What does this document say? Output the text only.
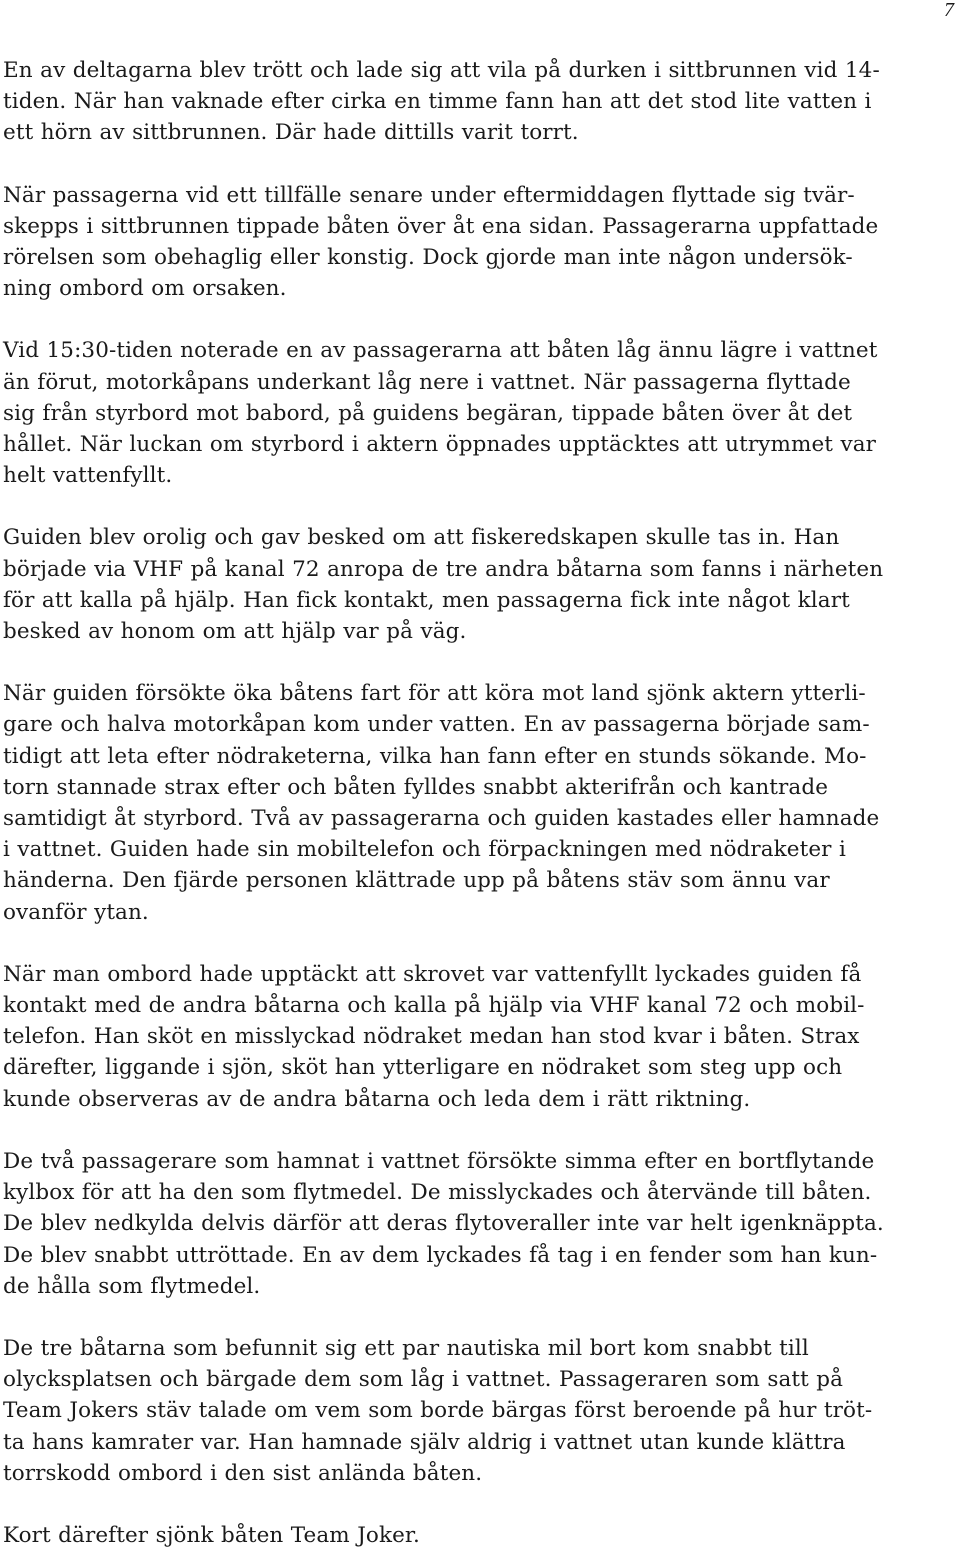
7

En av deltagarna blev trött och lade sig att vila på durken i sittbrunnen vid 14-
tiden. När han vaknade efter cirka en timme fann han att det stod lite vatten i
ett hörn av sittbrunnen. Där hade dittills varit torrt.

När passagerna vid ett tillfälle senare under eftermiddagen flyttade sig tvär-
skepps i sittbrunnen tippade båten över åt ena sidan. Passagerarna uppfattade
rörelsen som obehaglig eller konstig. Dock gjorde man inte någon undersök-
ning ombord om orsaken.

Vid 15:30-tiden noterade en av passagerarna att båten låg ännu lägre i vattnet
än förut, motorkåpans underkant låg nere i vattnet. När passagerna flyttade
sig från styrbord mot babord, på guidens begäran, tippade båten över åt det
hållet. När luckan om styrbord i aktern öppnades upptäcktes att utrymmet var
helt vattenfyllt.

Guiden blev orolig och gav besked om att fiskeredskapen skulle tas in. Han
började via VHF på kanal 72 anropa de tre andra båtarna som fanns i närheten
för att kalla på hjälp. Han fick kontakt, men passagerna fick inte något klart
besked av honom om att hjälp var på väg.

När guiden försökte öka båtens fart för att köra mot land sjönk aktern ytterli-
gare och halva motorkåpan kom under vatten. En av passagerna började sam-
tidigt att leta efter nödraketerna, vilka han fann efter en stunds sökande. Mo-
torn stannade strax efter och båten fylldes snabbt akterifrån och kantrade
samtidigt åt styrbord. Två av passagerarna och guiden kastades eller hamnade
i vattnet. Guiden hade sin mobiltelefon och förpackningen med nödraketer i
händerna. Den fjärde personen klättrade upp på båtens stäv som ännu var
ovanför ytan.

När man ombord hade upptäckt att skrovet var vattenfyllt lyckades guiden få
kontakt med de andra båtarna och kalla på hjälp via VHF kanal 72 och mobil-
telefon. Han sköt en misslyckad nödraket medan han stod kvar i båten. Strax
därefter, liggande i sjön, sköt han ytterligare en nödraket som steg upp och
kunde observeras av de andra båtarna och leda dem i rätt riktning.

De två passagerare som hamnat i vattnet försökte simma efter en bortflytande
kylbox för att ha den som flytmedel. De misslyckades och återvände till båten.
De blev nedkylda delvis därför att deras flytoveraller inte var helt igenknäppta.
De blev snabbt uttröttade. En av dem lyckades få tag i en fender som han kun-
de hålla som flytmedel.

De tre båtarna som befunnit sig ett par nautiska mil bort kom snabbt till
olycksplatsen och bärgade dem som låg i vattnet. Passageraren som satt på
Team Jokers stäv talade om vem som borde bärgas först beroende på hur tröt-
ta hans kamrater var. Han hamnade själv aldrig i vattnet utan kunde klättra
torrskodd ombord i den sist anlända båten.

Kort därefter sjönk båten Team Joker.
